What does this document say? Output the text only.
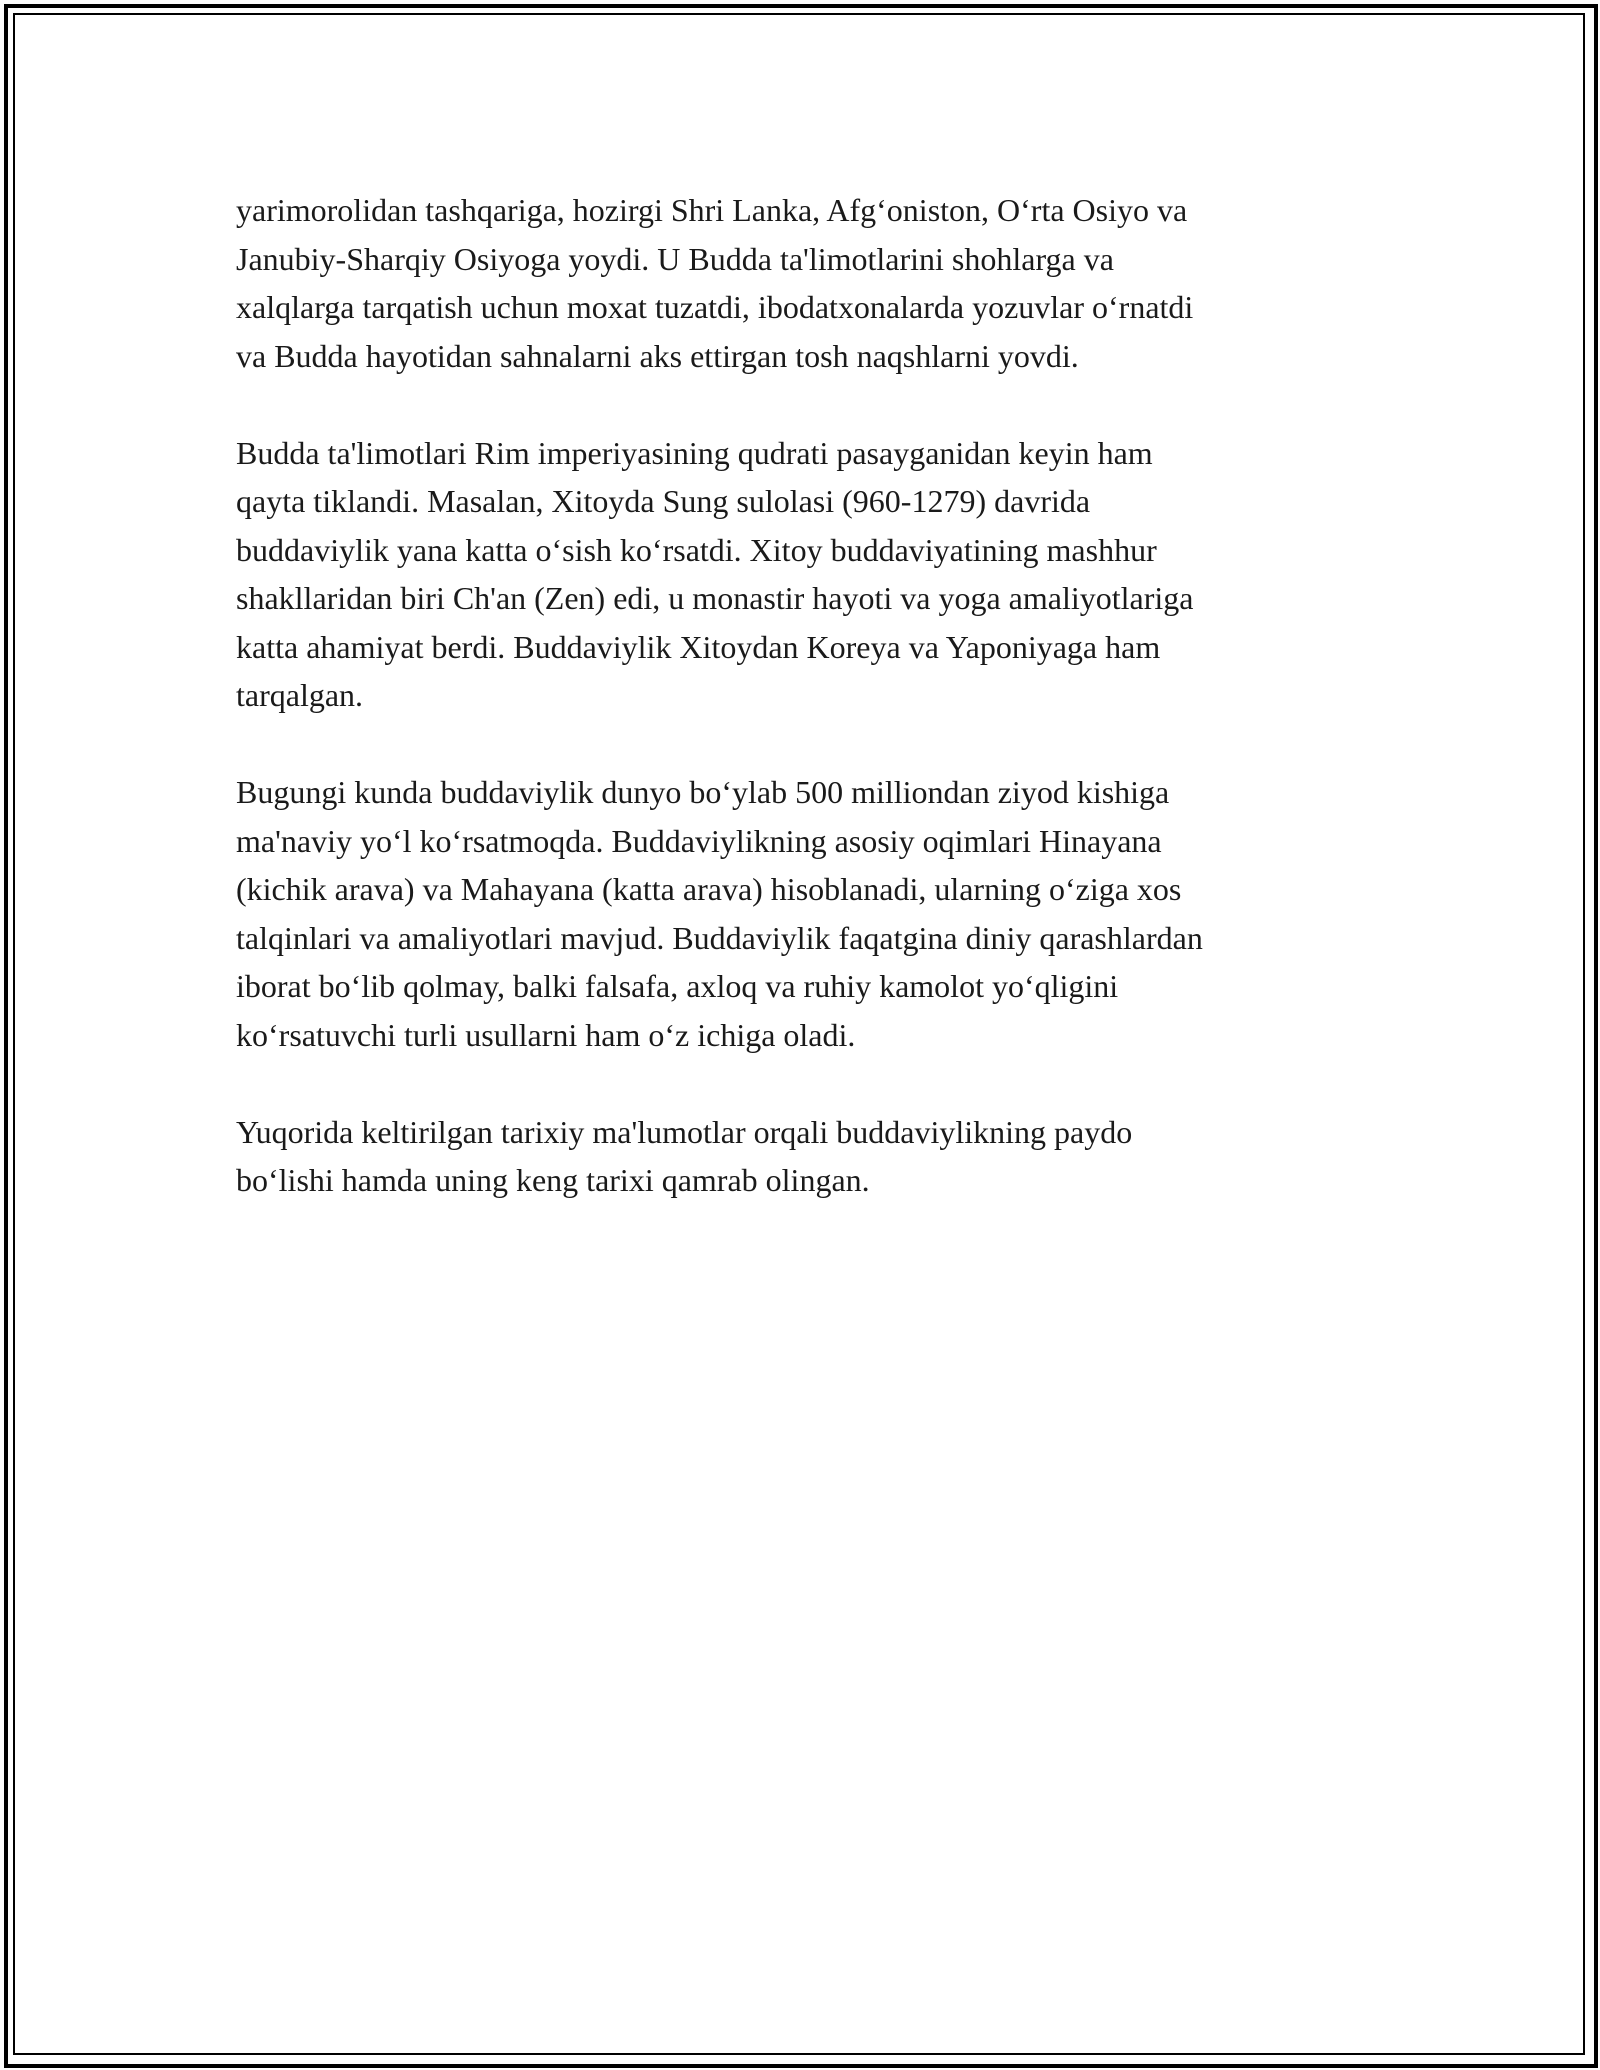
yarimorolidan tashqariga, hozirgi Shri Lanka, Afg‘oniston, O‘rta Osiyo va
Janubiy-Sharqiy Osiyoga yoydi. U Budda ta'limotlarini shohlarga va
xalqlarga tarqatish uchun moxat tuzatdi, ibodatxonalarda yozuvlar o‘rnatdi
va Budda hayotidan sahnalarni aks ettirgan tosh naqshlarni yovdi.

Budda ta'limotlari Rim imperiyasining qudrati pasayganidan keyin ham
qayta tiklandi. Masalan, Xitoyda Sung sulolasi (960-1279) davrida
buddaviylik yana katta o‘sish ko‘rsatdi. Xitoy buddaviyatining mashhur
shakllaridan biri Ch'an (Zen) edi, u monastir hayoti va yoga amaliyotlariga
katta ahamiyat berdi. Buddaviylik Xitoydan Koreya va Yaponiyaga ham
tarqalgan.

Bugungi kunda buddaviylik dunyo bo‘ylab 500 milliondan ziyod kishiga
ma'naviy yo‘l ko‘rsatmoqda. Buddaviylikning asosiy oqimlari Hinayana
(kichik arava) va Mahayana (katta arava) hisoblanadi, ularning o‘ziga xos
talqinlari va amaliyotlari mavjud. Buddaviylik faqatgina diniy qarashlardan
iborat bo‘lib qolmay, balki falsafa, axloq va ruhiy kamolot yo‘qligini
ko‘rsatuvchi turli usullarni ham o‘z ichiga oladi.

Yuqorida keltirilgan tarixiy ma'lumotlar orqali buddaviylikning paydo
bo‘lishi hamda uning keng tarixi qamrab olingan.
